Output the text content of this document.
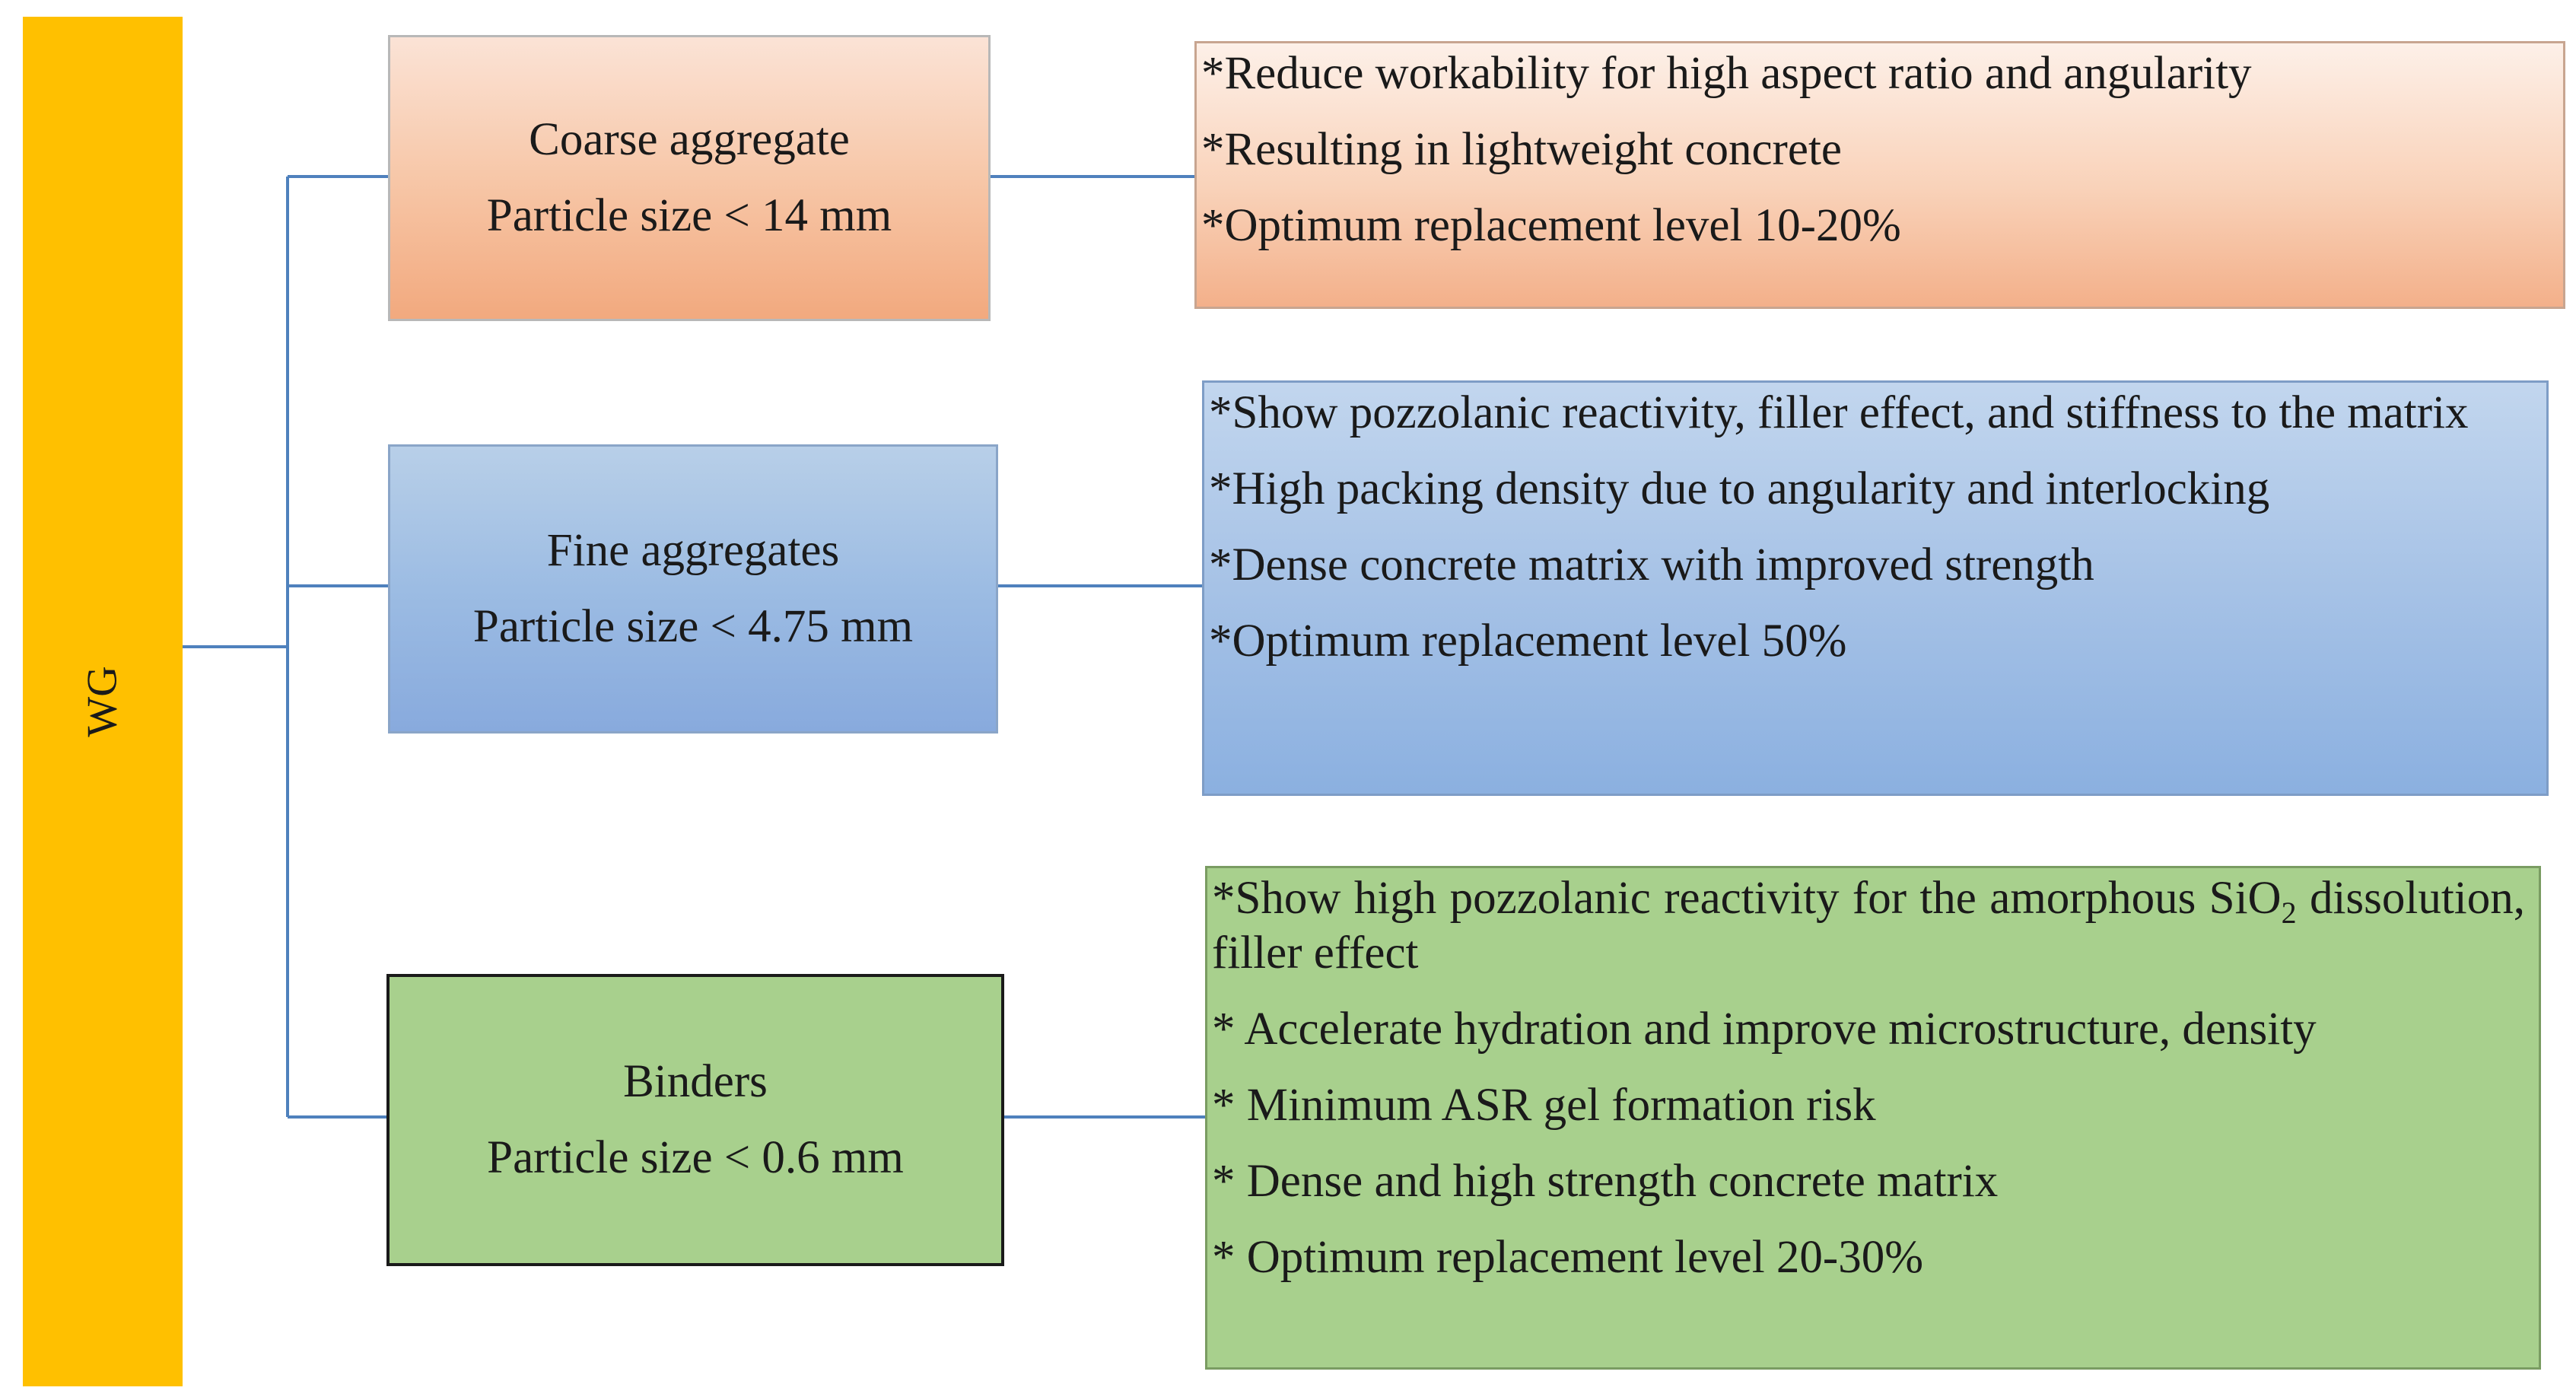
WG
Coarse aggregate
Particle size < 14 mm
Fine aggregates
Particle size < 4.75 mm
Binders
Particle size < 0.6 mm
*Reduce workability for high aspect ratio and angularity
*Resulting in lightweight concrete
*Optimum replacement level 10-20%
*Show pozzolanic reactivity, filler effect, and stiffness to the matrix
*High packing density due to angularity and interlocking
*Dense concrete matrix with improved strength
*Optimum replacement level 50%
*Show high pozzolanic reactivity for the amorphous SiO$_2$ dissolution, filler effect
* Accelerate hydration and improve microstructure, density
* Minimum ASR gel formation risk
* Dense and high strength concrete matrix
* Optimum replacement level 20-30%
